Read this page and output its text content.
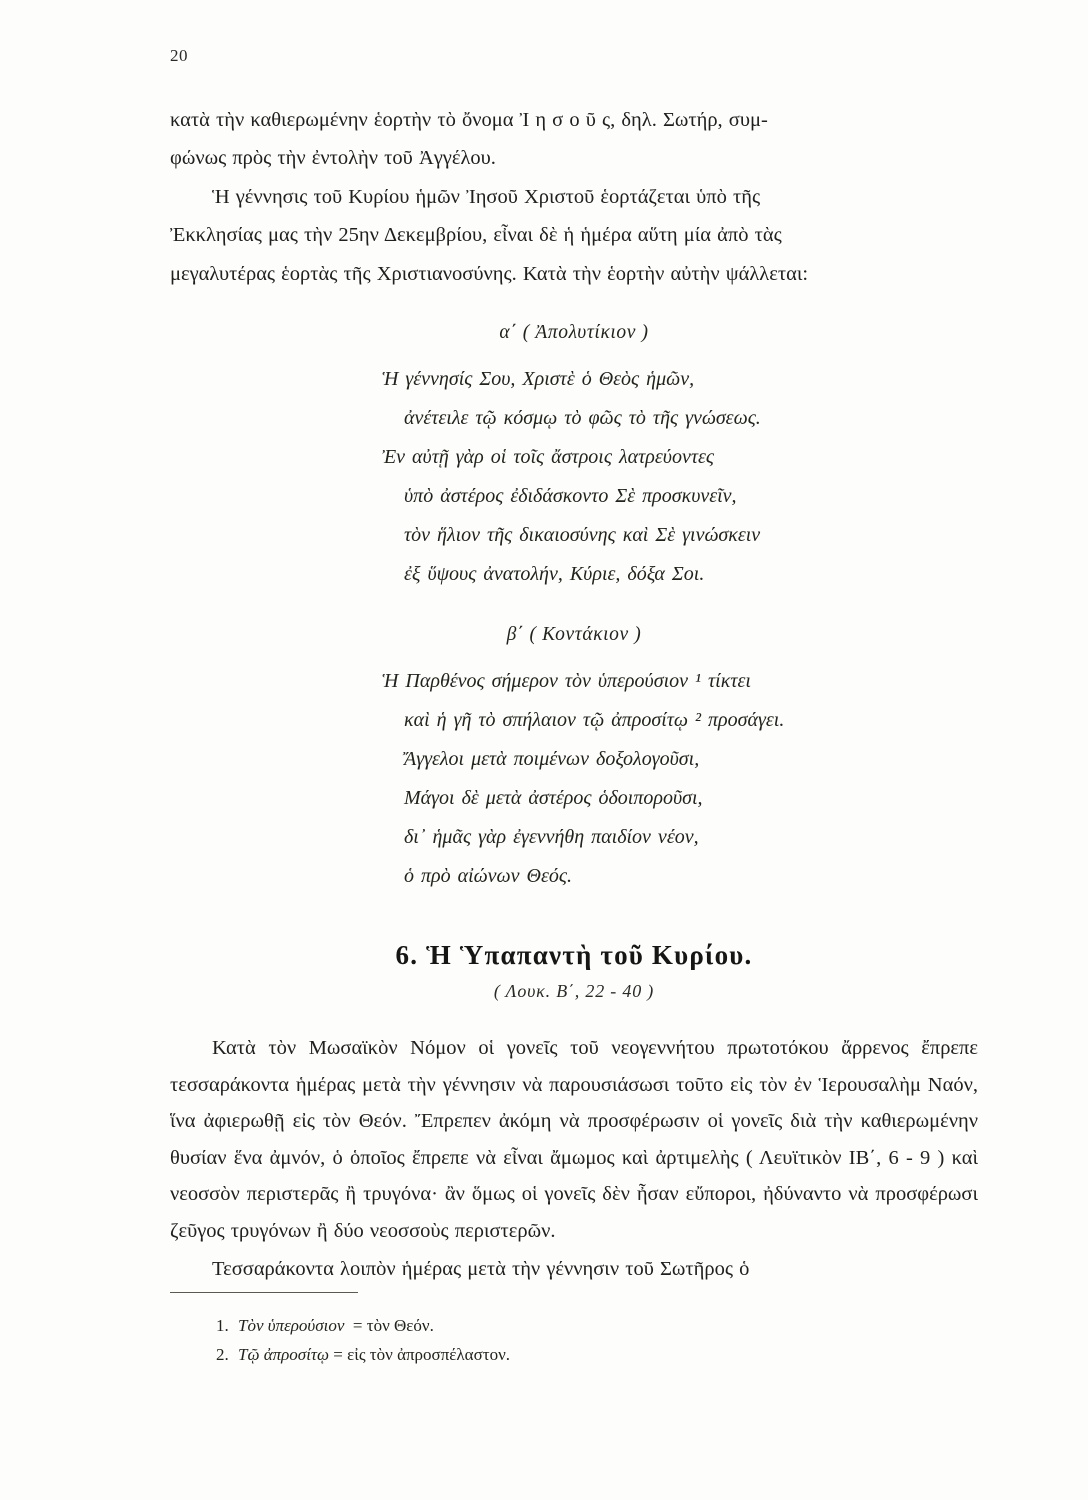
20

κατὰ τὴν καθιερωμένην ἑορτὴν τὸ ὄνομα Ἰ η σ ο ῦ ς, δηλ. Σωτήρ, συμ-

φώνως πρὸς τὴν ἐντολὴν τοῦ Ἀγγέλου.

Ἡ γέννησις τοῦ Κυρίου ἡμῶν Ἰησοῦ Χριστοῦ ἑορτάζεται ὑπὸ τῆς

Ἐκκλησίας μας τὴν 25ην Δεκεμβρίου, εἶναι δὲ ἡ ἡμέρα αὕτη μία ἀπὸ τὰς

μεγαλυτέρας ἑορτὰς τῆς Χριστιανοσύνης. Κατὰ τὴν ἑορτὴν αὐτὴν ψάλλεται:

α΄ ( Ἀπολυτίκιον )
Ἡ γέννησίς Σου, Χριστὲ ὁ Θεὸς ἡμῶν,
ἀνέτειλε τῷ κόσμῳ τὸ φῶς τὸ τῆς γνώσεως.
Ἐν αὐτῇ γὰρ οἱ τοῖς ἄστροις λατρεύοντες
ὑπὸ ἀστέρος ἐδιδάσκοντο Σὲ προσκυνεῖν,
τὸν ἥλιον τῆς δικαιοσύνης καὶ Σὲ γινώσκειν
ἐξ ὕψους ἀνατολήν, Κύριε, δόξα Σοι.
β΄ ( Κοντάκιον )
Ἡ Παρθένος σήμερον τὸν ὑπερούσιον ¹ τίκτει
καὶ ἡ γῆ τὸ σπήλαιον τῷ ἀπροσίτῳ ² προσάγει.
Ἄγγελοι μετὰ ποιμένων δοξολογοῦσι,
Μάγοι δὲ μετὰ ἀστέρος ὁδοιποροῦσι,
δι᾽ ἡμᾶς γὰρ ἐγεννήθη παιδίον νέον,
ὁ πρὸ αἰώνων Θεός.
6. Ἡ Ὑπαπαντὴ τοῦ Κυρίου.
( Λουκ. Β΄, 22 - 40 )

Κατὰ τὸν Μωσαϊκὸν Νόμον οἱ γονεῖς τοῦ νεογεννήτου πρωτοτόκου ἄρρενος ἔπρεπε τεσσαράκοντα ἡμέρας μετὰ τὴν γέννησιν νὰ παρουσιάσωσι τοῦτο εἰς τὸν ἐν Ἱερουσαλὴμ Ναόν, ἵνα ἀφιερωθῇ εἰς τὸν Θεόν. Ἔπρεπεν ἀκόμη νὰ προσφέρωσιν οἱ γονεῖς διὰ τὴν καθιερωμένην θυσίαν ἕνα ἀμνόν, ὁ ὁποῖος ἔπρεπε νὰ εἶναι ἄμωμος καὶ ἀρτιμελὴς ( Λευϊτικὸν ΙΒ΄, 6 - 9 ) καὶ νεοσσὸν περιστερᾶς ἢ τρυγόνα· ἂν ὅμως οἱ γονεῖς δὲν ἦσαν εὔποροι, ἠδύναντο νὰ προσφέρωσι ζεῦγος τρυγόνων ἢ δύο νεοσσοὺς περιστερῶν.

Τεσσαράκοντα λοιπὸν ἡμέρας μετὰ τὴν γέννησιν τοῦ Σωτῆρος ὁ

1. Τὸν ὑπερούσιον = τὸν Θεόν.
2. Τῷ ἀπροσίτῳ = εἰς τὸν ἀπροσπέλαστον.
